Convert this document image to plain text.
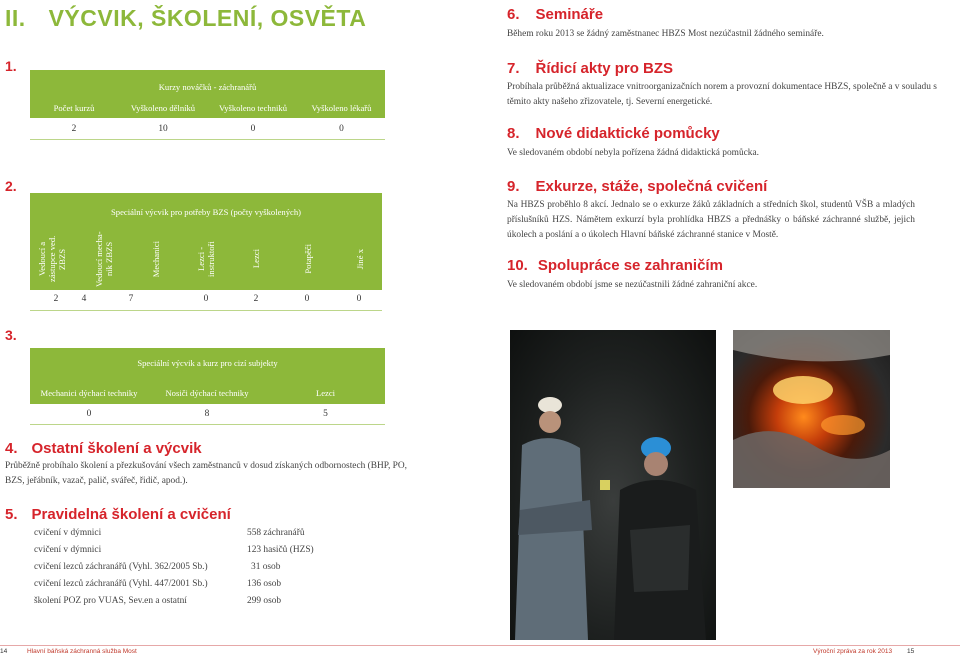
II. VÝCVIK, ŠKOLENÍ, OSVĚTA
1.
Kurzy nováčků - záchranářů
Počet kurzů	Vyškoleno dělníků	Vyškoleno techniků	Vyškoleno lékařů
2	10	0	0
2.
Speciální výcvik pro potřeby BZS (počty vyškolených)
Vedoucí a zástupce ved. ZBZS	Vedoucí mecha-nik ZBZS	Mechanici	Lezci - instruktoři	Lezci	Potapěči	Jiné x
2	4	7	0	2	0	0
3.
Speciální výcvik a kurz pro cizí subjekty
Mechanici dýchací techniky	Nosiči dýchací techniky	Lezci
0	8	5
4. Ostatní školení a výcvik
Průběžně probíhalo školení a přezkušování všech zaměstnanců v dosud získaných odbornostech (BHP, PO, BZS, jeřábník, vazač, palič, svářeč, řidič, apod.).
5. Pravidelná školení a cvičení
cvičení v dýmnici	558 záchranářů
cvičení v dýmnici	123 hasičů (HZS)
cvičení lezců záchranářů (Vyhl. 362/2005 Sb.)	31 osob
cvičení lezců záchranářů (Vyhl. 447/2001 Sb.)	136 osob
školení POZ pro VUAS, Sev.en a ostatní	299 osob
6. Semináře
Během roku 2013 se žádný zaměstnanec HBZS Most nezúčastnil žádného semináře.
7. Řídicí akty pro BZS
Probíhala průběžná aktualizace vnitroorganizačních norem a provozní dokumentace HBZS, společně a v souladu s těmito akty našeho zřizovatele, tj. Severní energetické.
8. Nové didaktické pomůcky
Ve sledovaném období nebyla pořízena žádná didaktická pomůcka.
9. Exkurze, stáže, společná cvičení
Na HBZS proběhlo 8 akcí. Jednalo se o exkurze žáků základních a středních škol, studentů VŠB a mladých příslušníků HZS. Námětem exkurzí byla prohlídka HBZS a přednášky o báňské záchranné službě, jejich úkolech a poslání a o úkolech Hlavní báňské záchranné stanice v Mostě.
10. Spolupráce se zahraničím
Ve sledovaném období jsme se nezúčastnili žádné zahraniční akce.
14	Hlavní báňská záchranná služba Most	Výroční zpráva za rok 2013 15
